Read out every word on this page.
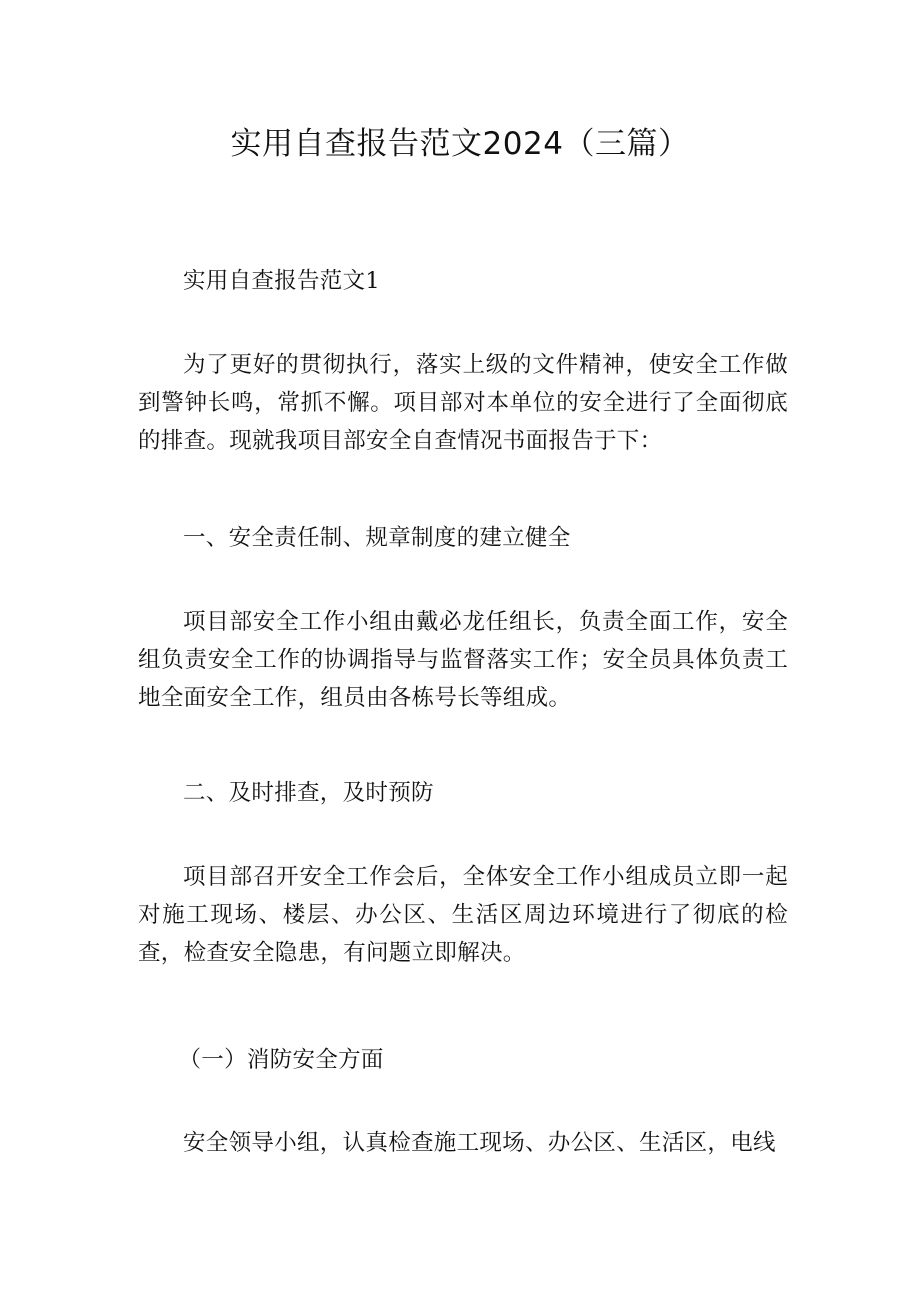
实用自查报告范文2024（三篇）

实用自查报告范文1

为了更好的贯彻执行，落实上级的文件精神，使安全工作做到警钟长鸣，常抓不懈。项目部对本单位的安全进行了全面彻底的排查。现就我项目部安全自查情况书面报告于下：

一、安全责任制、规章制度的建立健全

项目部安全工作小组由戴必龙任组长，负责全面工作，安全组负责安全工作的协调指导与监督落实工作；安全员具体负责工地全面安全工作，组员由各栋号长等组成。

二、及时排查，及时预防

项目部召开安全工作会后，全体安全工作小组成员立即一起对施工现场、楼层、办公区、生活区周边环境进行了彻底的检查，检查安全隐患，有问题立即解决。

（一）消防安全方面

安全领导小组，认真检查施工现场、办公区、生活区，电线
